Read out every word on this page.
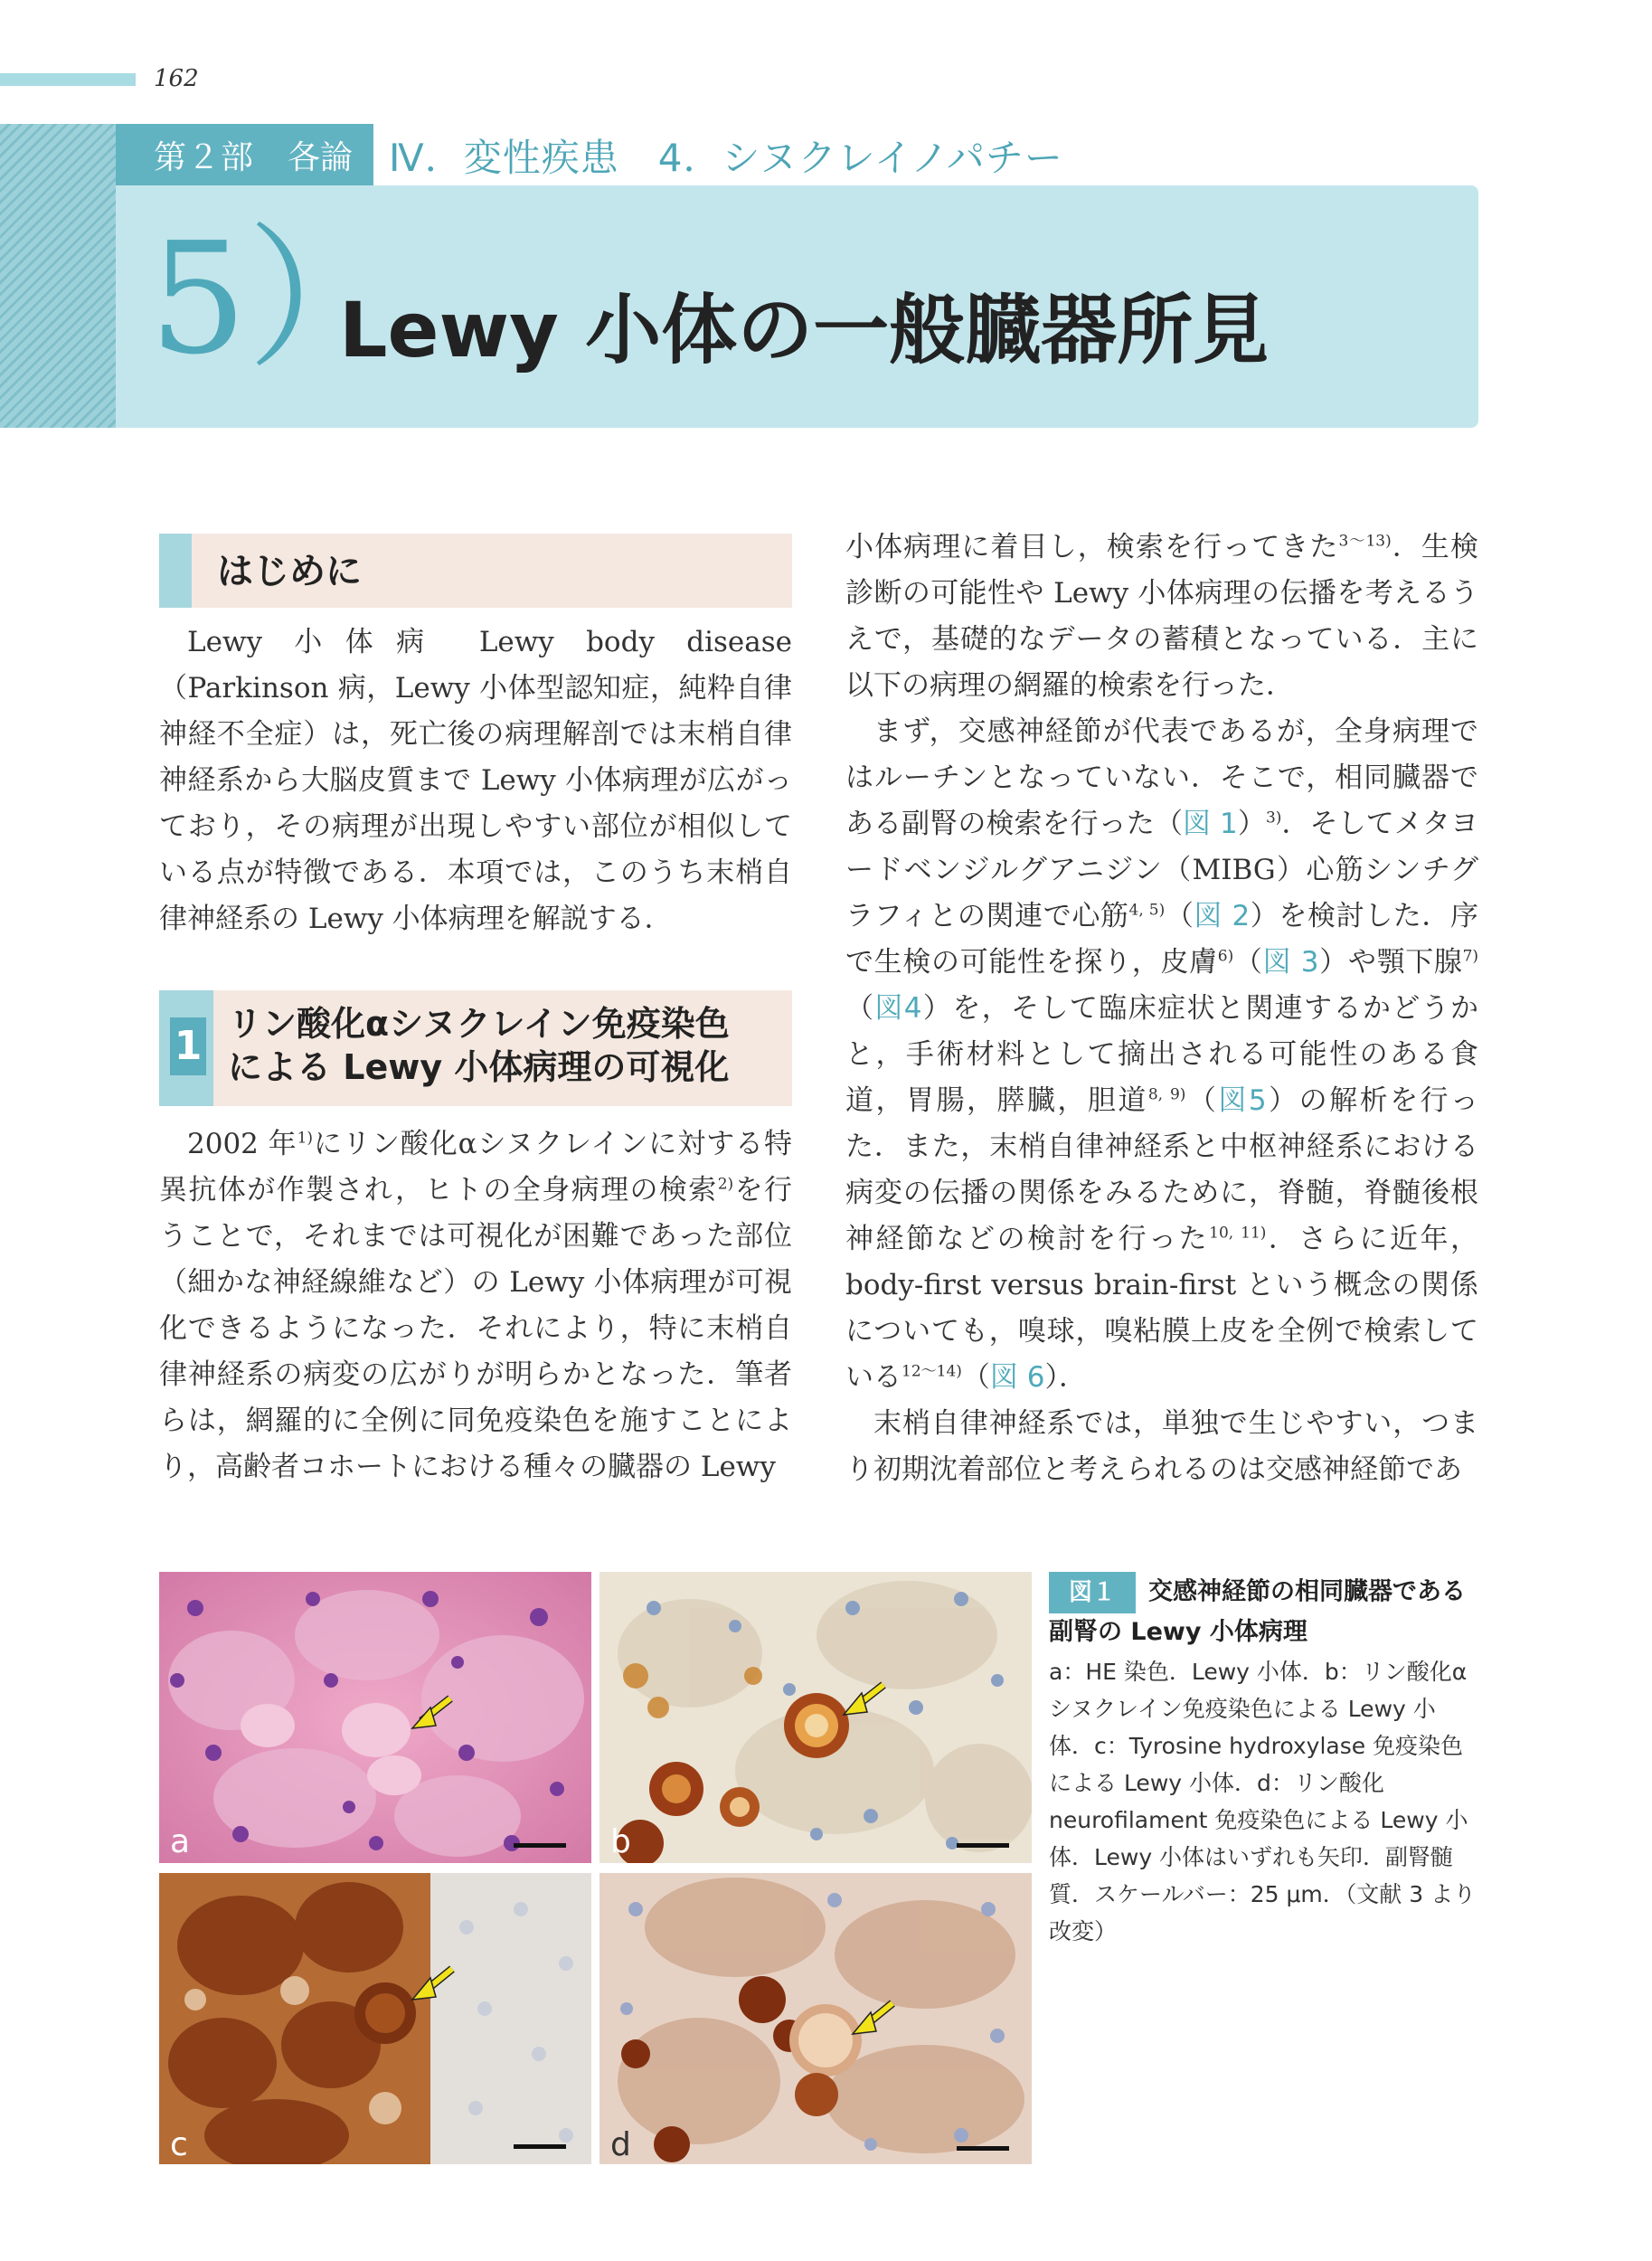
162
第２部 各論 Ⅳ．変性疾患　4．シヌクレイノパチー
5）
Lewy 小体の一般臓器所見
はじめに

Lewy 小体病 Lewy body disease（Parkinson 病，Lewy 小体型認知症，純粋自律神経不全症）は，死亡後の病理解剖では末梢自律神経系から大脳皮質まで Lewy 小体病理が広がっており，その病理が出現しやすい部位が相似している点が特徴である．本項では，このうち末梢自律神経系の Lewy 小体病理を解説する．

1 リン酸化αシヌクレイン免疫染色
による Lewy 小体病理の可視化

2002 年$^{1)}$にリン酸化αシヌクレインに対する特異抗体が作製され，ヒトの全身病理の検索$^{2)}$を行うことで，それまでは可視化が困難であった部位（細かな神経線維など）の Lewy 小体病理が可視化できるようになった．それにより，特に末梢自律神経系の病変の広がりが明らかとなった．筆者らは，網羅的に全例に同免疫染色を施すことにより，高齢者コホートにおける種々の臓器の Lewy

小体病理に着目し，検索を行ってきた$^{3〜13)}$．生検診断の可能性や Lewy 小体病理の伝播を考えるうえで，基礎的なデータの蓄積となっている．主に以下の病理の網羅的検索を行った．

まず，交感神経節が代表であるが，全身病理ではルーチンとなっていない．そこで，相同臓器である副腎の検索を行った（図 1）$^{3)}$．そしてメタヨードベンジルグアニジン（MIBG）心筋シンチグラフィとの関連で心筋$^{4, 5)}$（図 2）を検討した．序で生検の可能性を探り，皮膚$^{6)}$（図 3）や顎下腺$^{7)}$（図4）を，そして臨床症状と関連するかどうかと，手術材料として摘出される可能性のある食道，胃腸，膵臓，胆道$^{8, 9)}$（図5）の解析を行った．また，末梢自律神経系と中枢神経系における病変の伝播の関係をみるために，脊髄，脊髄後根神経節などの検討を行った$^{10, 11)}$．さらに近年，body-first versus brain-first という概念の関係についても，嗅球，嗅粘膜上皮を全例で検索している$^{12〜14)}$（図 6）．

末梢自律神経系では，単独で生じやすい，つまり初期沈着部位と考えられるのは交感神経節であ

a	b
c	d
図１ 交感神経節の相同臓器である副腎の Lewy 小体病理
a：HE 染色．Lewy 小体．b：リン酸化αシヌクレイン免疫染色による Lewy 小体．c：Tyrosine hydroxylase 免疫染色による Lewy 小体．d：リン酸化 neurofilament 免疫染色による Lewy 小体．Lewy 小体はいずれも矢印．副腎髄質．スケールバー：25 μm．（文献 3 より改変）
